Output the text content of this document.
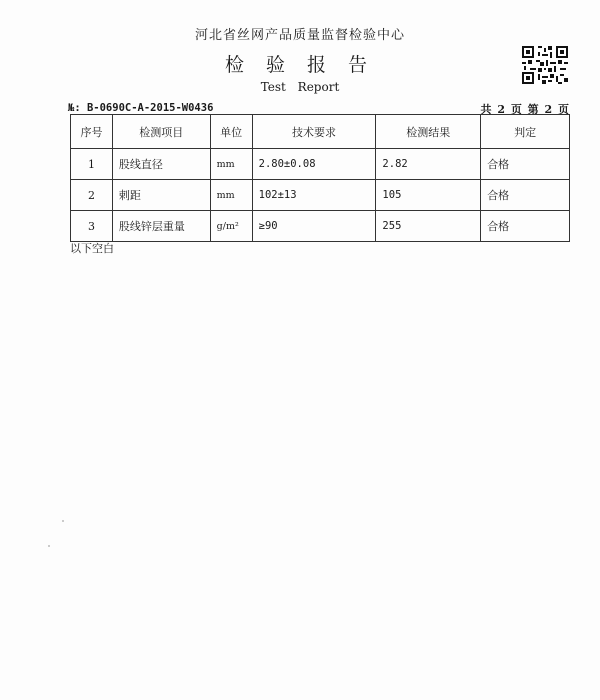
河北省丝网产品质量监督检验中心
检 验 报 告
Test Report
№: B-0690C-A-2015-W0436	共 2 页 第 2 页
序号	检测项目	单位	技术要求	检测结果	判定
1	股线直径	mm	2.80±0.08	2.82	合格
2	剌距	mm	102±13	105	合格
3	股线锌层重量	g/m²	≥90	255	合格
以下空白
